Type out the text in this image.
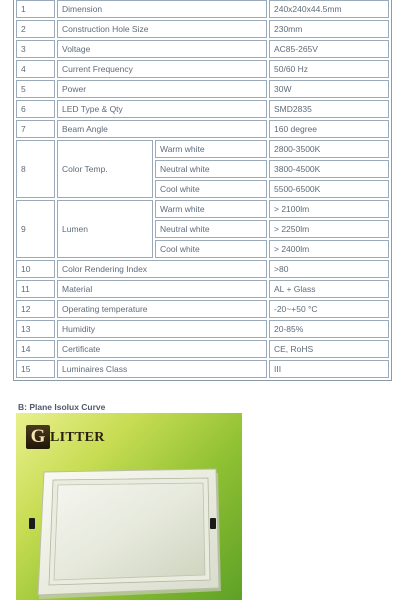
1	Dimension		240x240x44.5mm
2	Construction Hole Size		230mm
3	Voltage		AC85-265V
4	Current Frequency		50/60 Hz
5	Power		30W
6	LED Type & Qty		SMD2835
7	Beam Angle		160 degree
8	Color Temp.	Warm white	2800-3500K
		Neutral white	3800-4500K
		Cool white	5500-6500K
9	Lumen	Warm white	> 2100lm
		Neutral white	> 2250lm
		Cool white	> 2400lm
10	Color Rendering Index		>80
11	Material		AL + Glass
12	Operating temperature		-20~+50 °C
13	Humidity		20-85%
14	Certificate		CE, RoHS
15	Luminaires Class		III
B: Plane Isolux Curve
G LITTER
